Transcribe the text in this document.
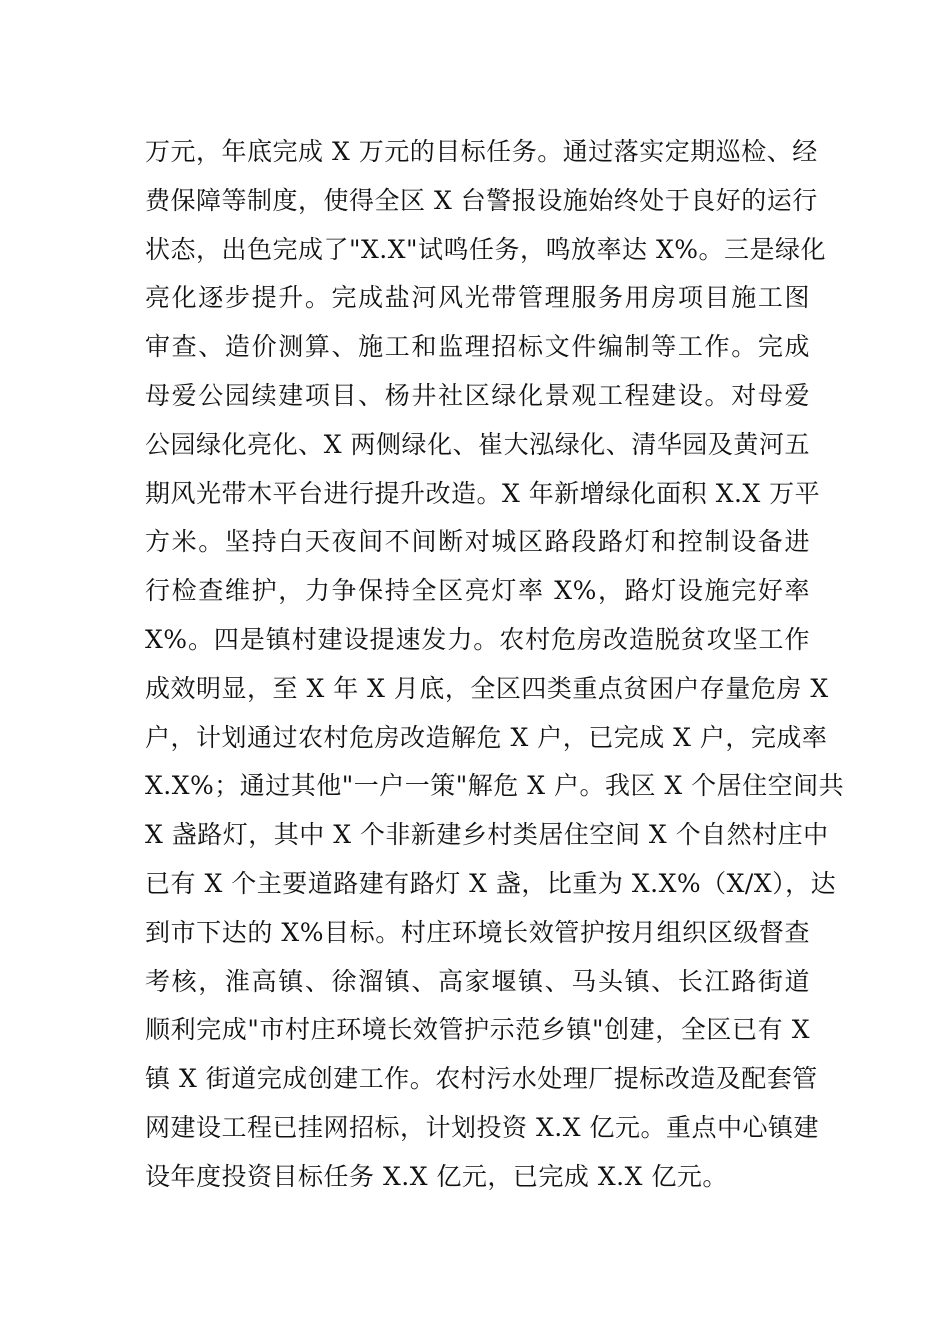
万元，年底完成 X 万元的目标任务。通过落实定期巡检、经
费保障等制度，使得全区 X 台警报设施始终处于良好的运行
状态，出色完成了"X.X"试鸣任务，鸣放率达 X%。三是绿化
亮化逐步提升。完成盐河风光带管理服务用房项目施工图
审查、造价测算、施工和监理招标文件编制等工作。完成
母爱公园续建项目、杨井社区绿化景观工程建设。对母爱
公园绿化亮化、X 两侧绿化、崔大泓绿化、清华园及黄河五
期风光带木平台进行提升改造。X 年新增绿化面积 X.X 万平
方米。坚持白天夜间不间断对城区路段路灯和控制设备进
行检查维护，力争保持全区亮灯率 X%，路灯设施完好率
X%。四是镇村建设提速发力。农村危房改造脱贫攻坚工作
成效明显，至 X 年 X 月底，全区四类重点贫困户存量危房 X
户，计划通过农村危房改造解危 X 户，已完成 X 户，完成率
X.X%；通过其他"一户一策"解危 X 户。我区 X 个居住空间共
X 盏路灯，其中 X 个非新建乡村类居住空间 X 个自然村庄中
已有 X 个主要道路建有路灯 X 盏，比重为 X.X%（X/X），达
到市下达的 X%目标。村庄环境长效管护按月组织区级督查
考核，淮高镇、徐溜镇、高家堰镇、马头镇、长江路街道
顺利完成"市村庄环境长效管护示范乡镇"创建，全区已有 X
镇 X 街道完成创建工作。农村污水处理厂提标改造及配套管
网建设工程已挂网招标，计划投资 X.X 亿元。重点中心镇建
设年度投资目标任务 X.X 亿元，已完成 X.X 亿元。
